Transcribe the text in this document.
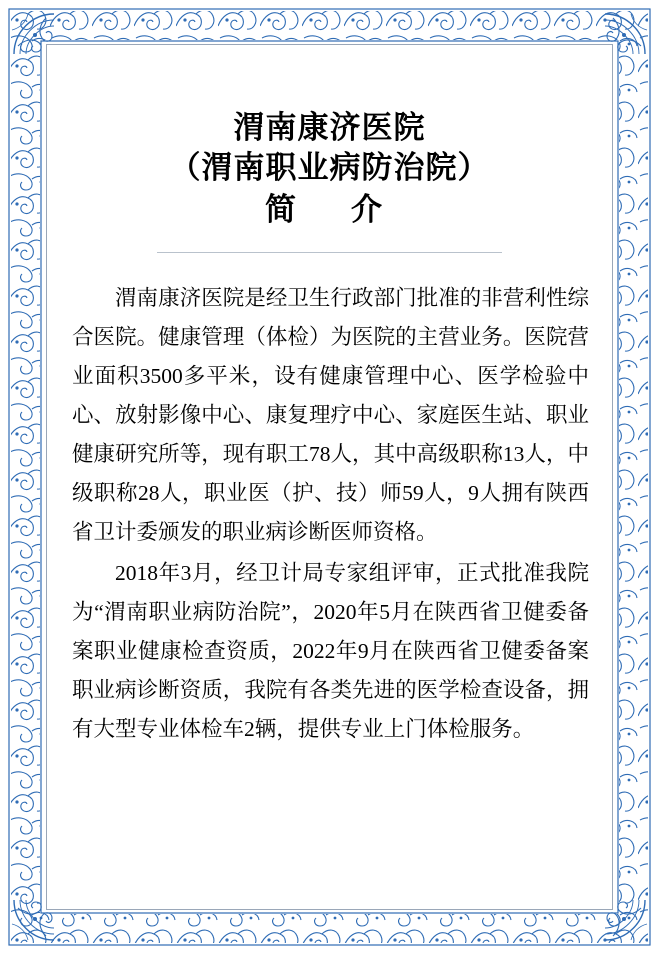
渭南康济医院
（渭南职业病防治院）
简　介

渭南康济医院是经卫生行政部门批准的非营利性综合医院。健康管理（体检）为医院的主营业务。医院营业面积3500多平米，设有健康管理中心、医学检验中心、放射影像中心、康复理疗中心、家庭医生站、职业健康研究所等，现有职工78人，其中高级职称13人，中级职称28人，职业医（护、技）师59人，9人拥有陕西省卫计委颁发的职业病诊断医师资格。

2018年3月，经卫计局专家组评审，正式批准我院为“渭南职业病防治院”，2020年5月在陕西省卫健委备案职业健康检查资质，2022年9月在陕西省卫健委备案职业病诊断资质，我院有各类先进的医学检查设备，拥有大型专业体检车2辆，提供专业上门体检服务。
